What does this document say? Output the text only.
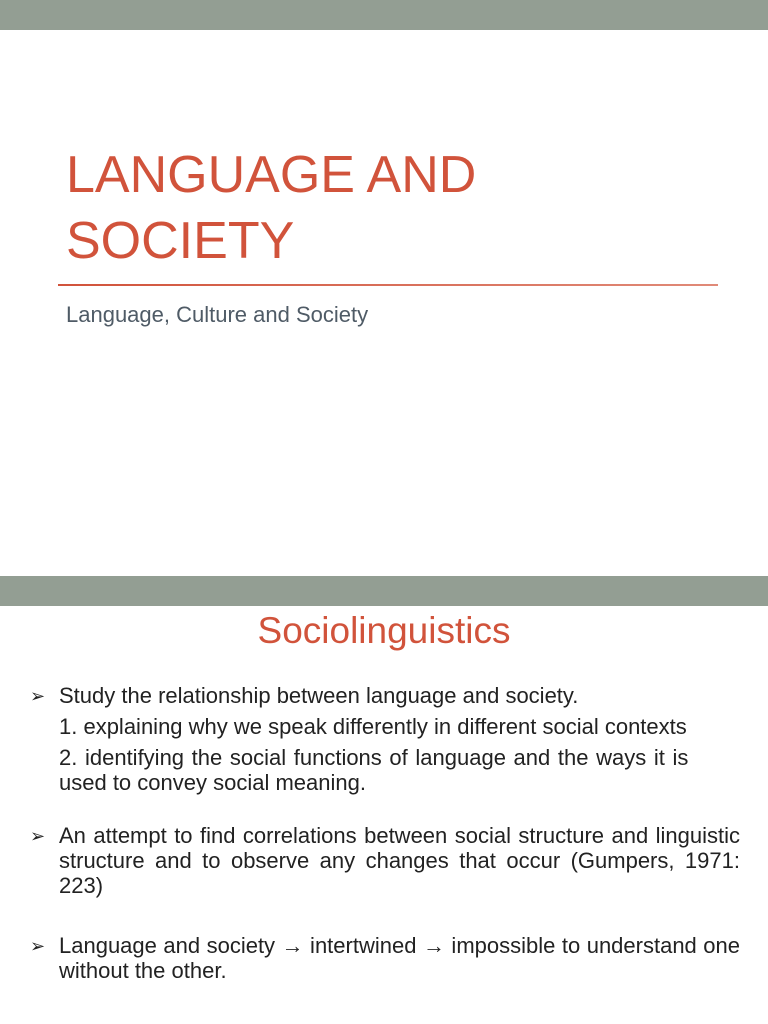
LANGUAGE AND
SOCIETY
Language, Culture and Society
Sociolinguistics
➢ Study the relationship between language and society.
1. explaining why we speak differently in different social contexts
2. identifying the social functions of language and the ways it is used to convey social meaning.
➢ An attempt to find correlations between social structure and linguistic structure and to observe any changes that occur (Gumpers, 1971: 223)
➢ Language and society → intertwined → impossible to understand one without the other.
